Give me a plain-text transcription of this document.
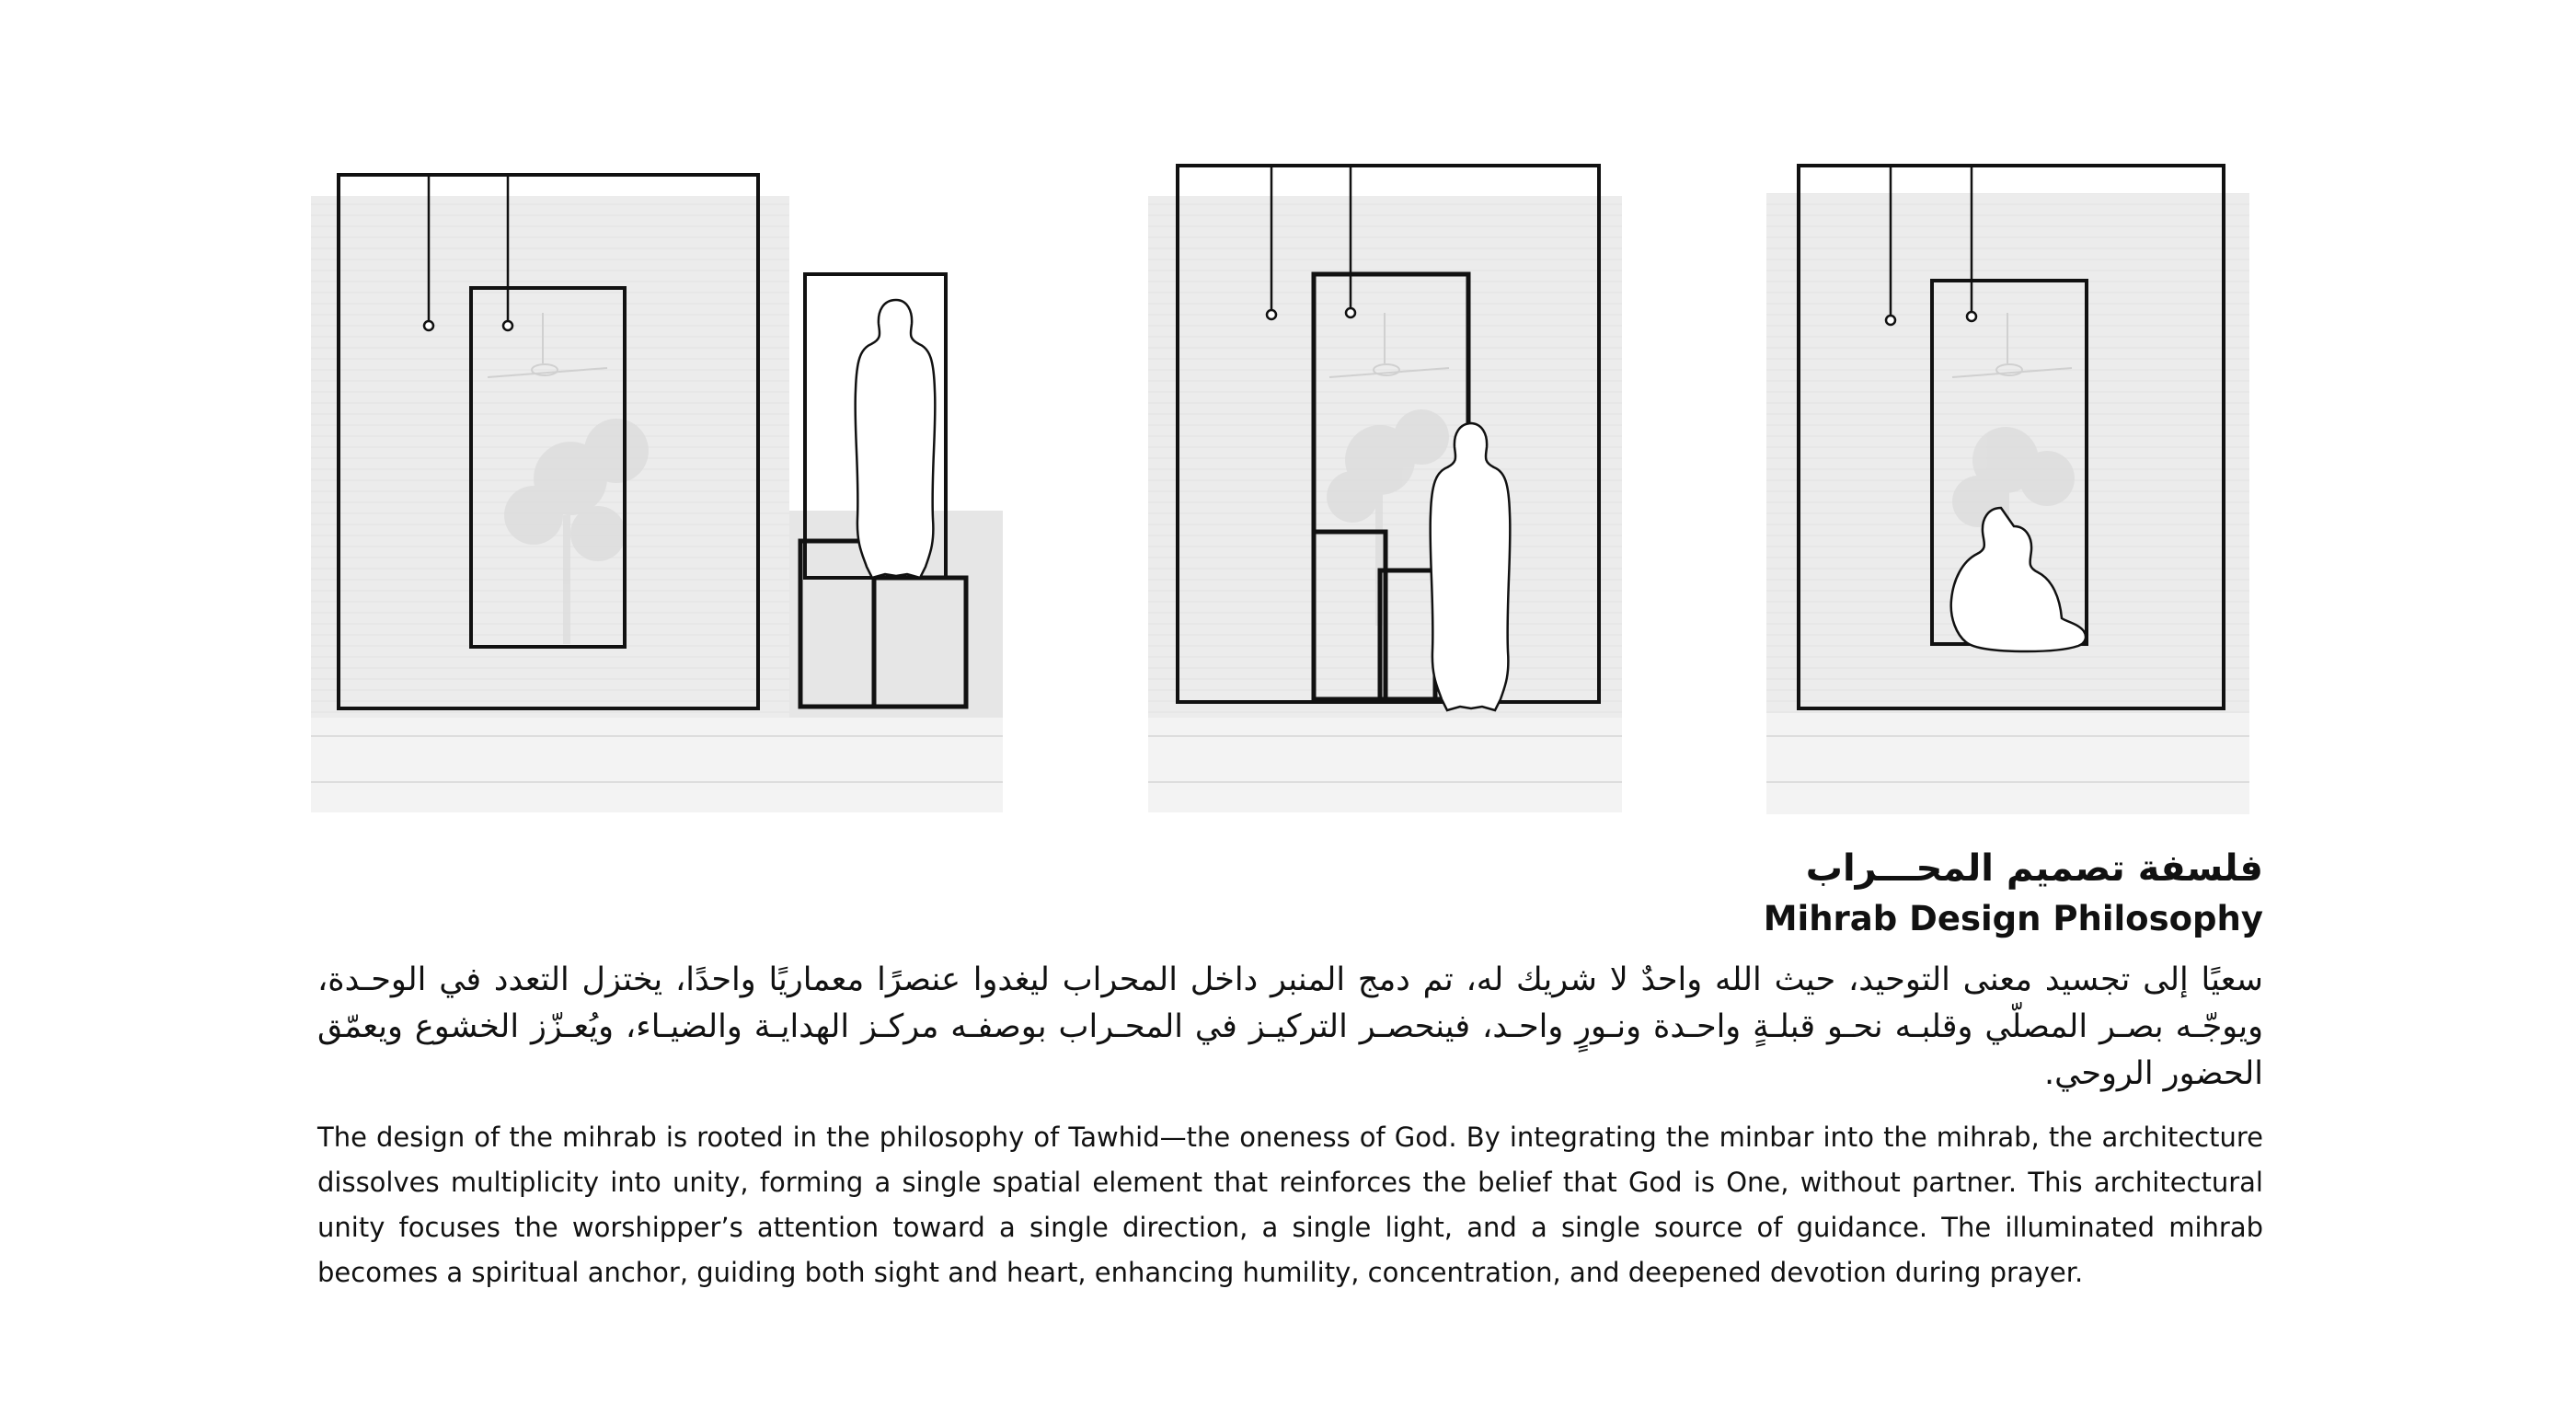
فلسفة تصميم المحـــراب
Mihrab Design Philosophy
سعيًا إلى تجسيد معنى التوحيد، حيث الله واحدٌ لا شريك له، تم دمج المنبر داخل المحراب ليغدوا عنصرًا معماريًا واحدًا، يختزل التعدد في الوحـدة، ويوجّـه بصـر المصلّي وقلبـه نحـو قبلـةٍ واحـدة ونـورٍ واحـد، فينحصـر التركيـز في المحـراب بوصفـه مركـز الهدايـة والضيـاء، ويُعـزّز الخشوع ويعمّق الحضور الروحي.
The design of the mihrab is rooted in the philosophy of Tawhid—the oneness of God. By integrating the minbar into the mihrab, the architecture dissolves multiplicity into unity, forming a single spatial element that reinforces the belief that God is One, without partner. This architectural unity focuses the worshipper’s attention toward a single direction, a single light, and a single source of guidance. The illuminated mihrab becomes a spiritual anchor, guiding both sight and heart, enhancing humility, concentration, and deepened devotion during prayer.
